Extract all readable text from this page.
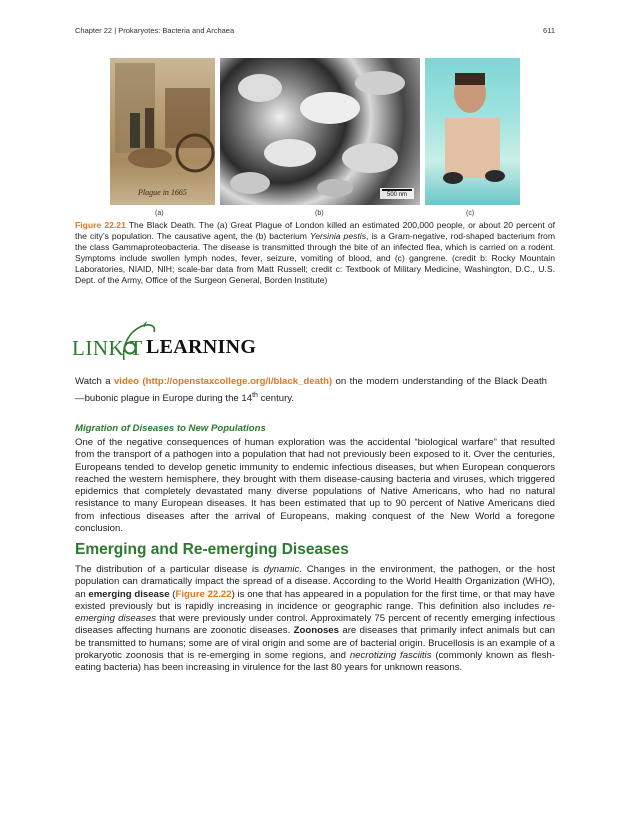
Chapter 22 | Prokaryotes: Bacteria and Archaea	611
Plague in 1665	500 nm
(a)	(b)	(c)
Figure 22.21 The Black Death. The (a) Great Plague of London killed an estimated 200,000 people, or about 20 percent of the city’s population. The causative agent, the (b) bacterium Yersinia pestis, is a Gram-negative, rod-shaped bacterium from the class Gammaproteobacteria. The disease is transmitted through the bite of an infected flea, which is carried on a rodent. Symptoms include swollen lymph nodes, fever, seizure, vomiting of blood, and (c) gangrene. (credit b: Rocky Mountain Laboratories, NIAID, NIH; scale-bar data from Matt Russell; credit c: Textbook of Military Medicine, Washington, D.C., U.S. Dept. of the Army, Office of the Surgeon General, Borden Institute)
LINK T LEARNING
Watch a video (http://openstaxcollege.org/l/black_death) on the modern understanding of the Black Death—bubonic plague in Europe during the 14th century.
Migration of Diseases to New Populations
One of the negative consequences of human exploration was the accidental “biological warfare” that resulted from the transport of a pathogen into a population that had not previously been exposed to it. Over the centuries, Europeans tended to develop genetic immunity to endemic infectious diseases, but when European conquerors reached the western hemisphere, they brought with them disease-causing bacteria and viruses, which triggered epidemics that completely devastated many diverse populations of Native Americans, who had no natural resistance to many European diseases. It has been estimated that up to 90 percent of Native Americans died from infectious diseases after the arrival of Europeans, making conquest of the New World a foregone conclusion.
Emerging and Re-emerging Diseases
The distribution of a particular disease is dynamic. Changes in the environment, the pathogen, or the host population can dramatically impact the spread of a disease. According to the World Health Organization (WHO), an emerging disease (Figure 22.22) is one that has appeared in a population for the first time, or that may have existed previously but is rapidly increasing in incidence or geographic range. This definition also includes re-emerging diseases that were previously under control. Approximately 75 percent of recently emerging infectious diseases affecting humans are zoonotic diseases. Zoonoses are diseases that primarily infect animals but can be transmitted to humans; some are of viral origin and some are of bacterial origin. Brucellosis is an example of a prokaryotic zoonosis that is re-emerging in some regions, and necrotizing fasciitis (commonly known as flesh-eating bacteria) has been increasing in virulence for the last 80 years for unknown reasons.
